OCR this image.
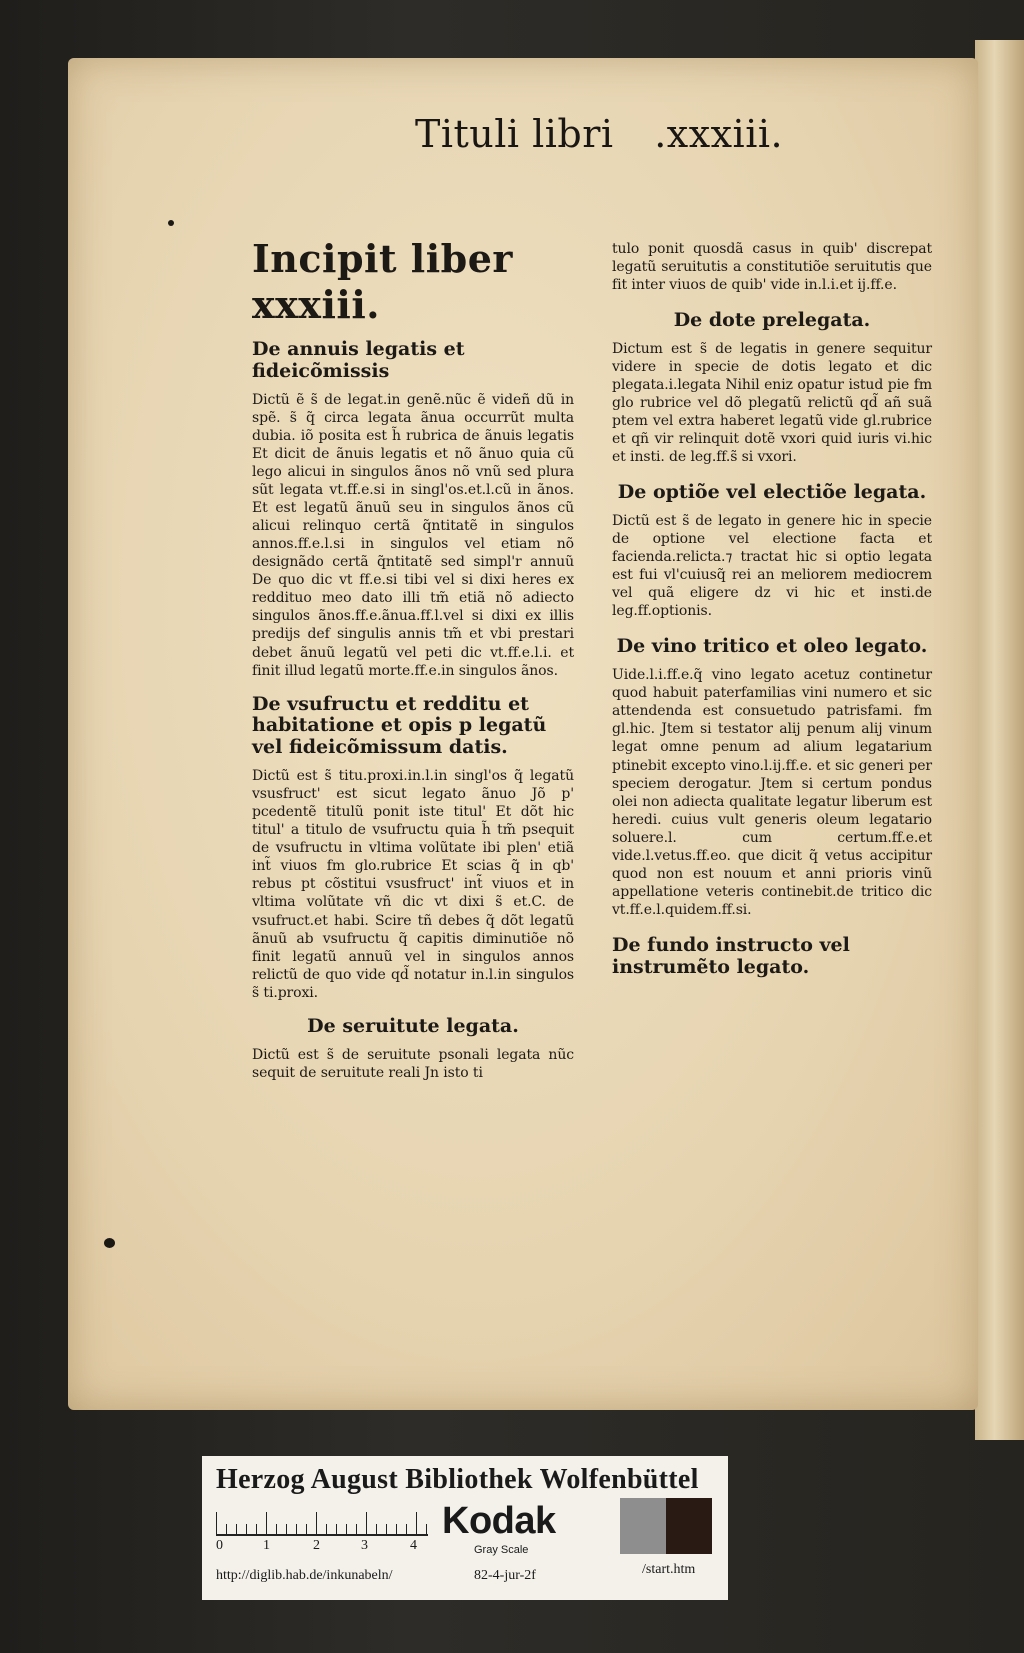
Tituli libri .xxxiii.
Incipit liber xxxiii.
De annuis legatis et fideicõmissis

Dictũ ẽ s̃ de legat.in genẽ.nũc ẽ videñ dũ in spẽ. s̃ q̃ circa legata ãnua occurrũt multa dubia. iõ posita est h̃ rubrica de ãnuis legatis Et dicit de ãnuis legatis et nõ ãnuo quia cũ lego alicui in singulos ãnos nõ vnũ sed plura sũt legata vt.ff.e.si in singl'os.et.l.cũ in ãnos. Et est legatũ ãnuũ seu in singulos ãnos cũ alicui relinquo certã q̃ntitatẽ in singulos annos.ff.e.l.si in singulos vel etiam nõ designãdo certã q̃ntitatẽ sed simpl'r annuũ De quo dic vt ff.e.si tibi vel si dixi heres ex reddituo meo dato illi tm̃ etiã nõ adiecto singulos ãnos.ff.e.ãnua.ff.l.vel si dixi ex illis predijs def singulis annis tm̃ et vbi prestari debet ãnuũ legatũ vel peti dic vt.ff.e.l.i. et finit illud legatũ morte.ff.e.in singulos ãnos.

De vsufructu et redditu et habitatione et opis p legatũ vel fideicõmissum datis.

Dictũ est s̃ titu.proxi.in.l.in singl'os q̃ legatũ vsusfruct' est sicut legato ãnuo Jõ p' pcedentẽ titulũ ponit iste titul' Et dõt hic titul' a titulo de vsufructu quia h̃ tm̃ psequit de vsufructu in vltima volũtate ibi plen' etiã int̃ viuos fm glo.rubrice Et scias q̃ in qb' rebus pt cõstitui vsusfruct' int̃ viuos et in vltima volũtate vñ dic vt dixi s̃ et.C. de vsufruct.et habi. Scire tñ debes q̃ dõt legatũ ãnuũ ab vsufructu q̃ capitis diminutiõe nõ finit legatũ annuũ vel in singulos annos relictũ de quo vide qd̃ notatur in.l.in singulos s̃ ti.proxi.

De seruitute legata.

Dictũ est s̃ de seruitute psonali legata nũc sequit de seruitute reali Jn isto ti

tulo ponit quosdã casus in quib' discrepat legatũ seruitutis a constitutiõe seruitutis que fit inter viuos de quib' vide in.l.i.et ij.ff.e.

De dote prelegata.

Dictum est s̃ de legatis in genere sequitur videre in specie de dotis legato et dic plegata.i.legata Nihil eniz opatur istud pie fm glo rubrice vel dõ plegatũ relictũ qd̃ añ suã ptem vel extra haberet legatũ vide gl.rubrice et qñ vir relinquit dotẽ vxori quid iuris vi.hic et insti. de leg.ff.s̃ si vxori.

De optiõe vel electiõe legata.

Dictũ est s̃ de legato in genere hic in specie de optione vel electione facta et facienda.relicta.⁊ tractat hic si optio legata est fui vl'cuiusq̃ rei an meliorem mediocrem vel quã eligere dz vi hic et insti.de leg.ff.optionis.

De vino tritico et oleo legato.

Uide.l.i.ff.e.q̃ vino legato acetuz continetur quod habuit paterfamilias vini numero et sic attendenda est consuetudo patrisfami. fm gl.hic. Jtem si testator alij penum alij vinum legat omne penum ad alium legatarium ptinebit excepto vino.l.ij.ff.e. et sic generi per speciem derogatur. Jtem si certum pondus olei non adiecta qualitate legatur liberum est heredi. cuius vult generis oleum legatario soluere.l. cum certum.ff.e.et vide.l.vetus.ff.eo. que dicit q̃ vetus accipitur quod non est nouum et anni prioris vinũ appellatione veteris continebit.de tritico dic vt.ff.e.l.quidem.ff.si.

De fundo instructo vel instrumẽto legato.
Herzog August Bibliothek Wolfenbüttel
0	1	2	3	4
Kodak
Gray Scale
http://diglib.hab.de/inkunabeln/	82-4-jur-2f	/start.htm
